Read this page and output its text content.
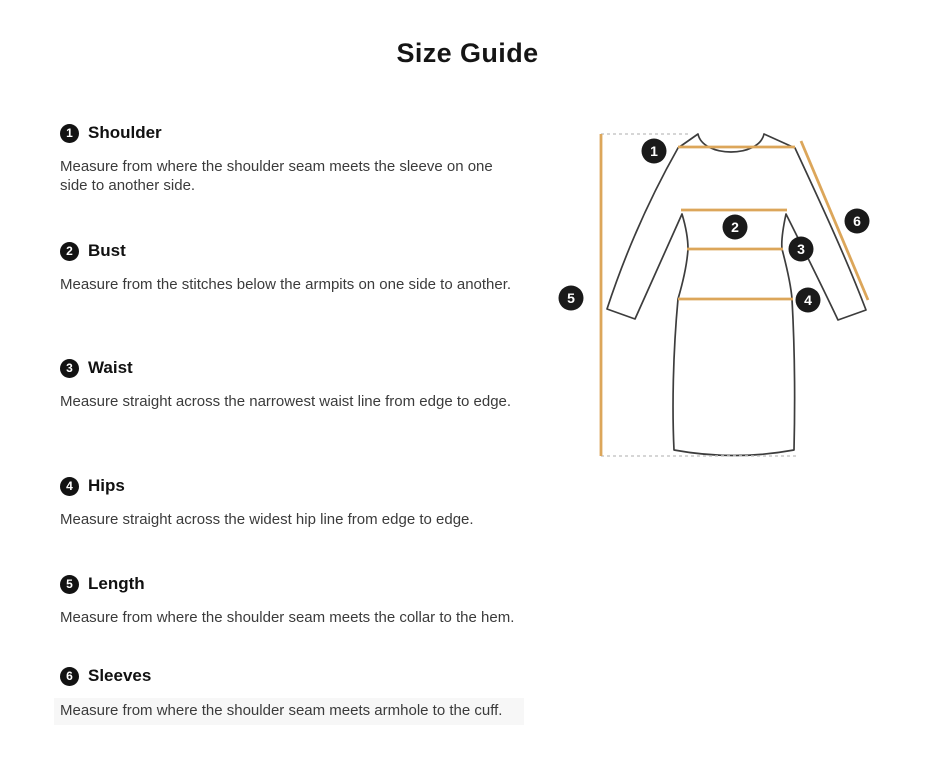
Size Guide
1 Shoulder

Measure from where the shoulder seam meets the sleeve on one side to another side.

2 Bust

Measure from the stitches below the armpits on one side to another.

3 Waist

Measure straight across the narrowest waist line from edge to edge.

4 Hips

Measure straight across the widest hip line from edge to edge.

5 Length

Measure from where the shoulder seam meets the collar to the hem.

6 Sleeves

Measure from where the shoulder seam meets armhole to the cuff.

1
2
3
4
5
6
